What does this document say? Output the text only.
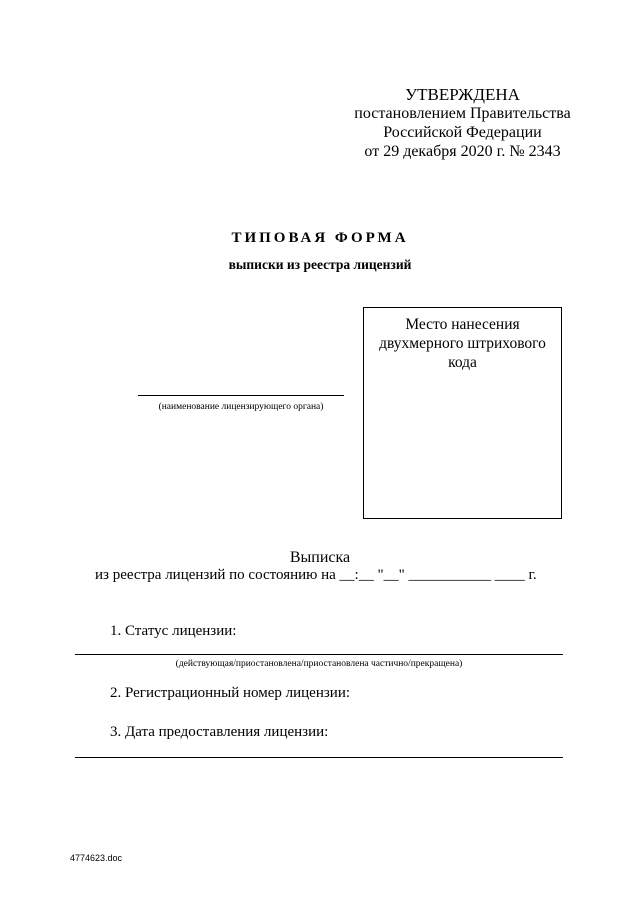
УТВЕРЖДЕНА
постановлением Правительства
Российской Федерации
от 29 декабря 2020 г. № 2343
ТИПОВАЯ ФОРМА
выписки из реестра лицензий
Место нанесения
двухмерного штрихового
кода
(наименование лицензирующего органа)
Выписка
из реестра лицензий по состоянию на __:__ "__" ___________ ____ г.
1. Статус лицензии:
(действующая/приостановлена/приостановлена частично/прекращена)
2. Регистрационный номер лицензии:
3. Дата предоставления лицензии:
4774623.doc
